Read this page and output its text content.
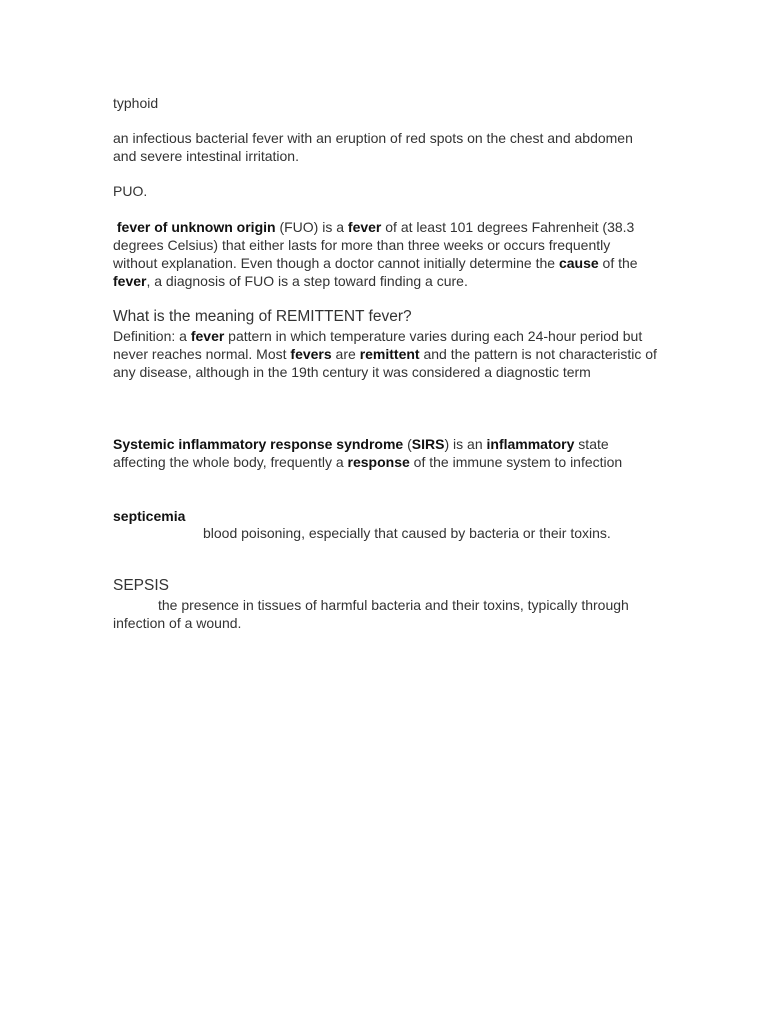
typhoid
an infectious bacterial fever with an eruption of red spots on the chest and abdomen and severe intestinal irritation.
PUO.
fever of unknown origin (FUO) is a fever of at least 101 degrees Fahrenheit (38.3 degrees Celsius) that either lasts for more than three weeks or occurs frequently without explanation. Even though a doctor cannot initially determine the cause of the fever, a diagnosis of FUO is a step toward finding a cure.
What is the meaning of REMITTENT fever?
Definition: a fever pattern in which temperature varies during each 24-hour period but never reaches normal. Most fevers are remittent and the pattern is not characteristic of any disease, although in the 19th century it was considered a diagnostic term
Systemic inflammatory response syndrome (SIRS) is an inflammatory state affecting the whole body, frequently a response of the immune system to infection
septicemia
blood poisoning, especially that caused by bacteria or their toxins.
SEPSIS
the presence in tissues of harmful bacteria and their toxins, typically through infection of a wound.
